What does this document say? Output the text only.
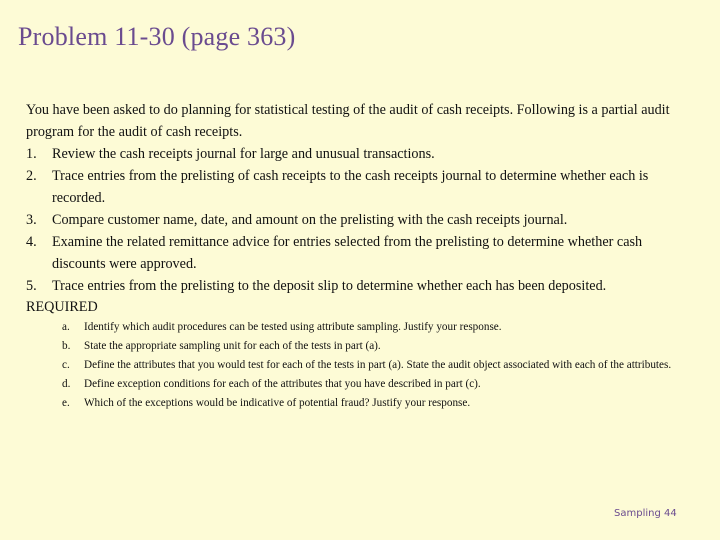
Problem 11-30 (page 363)
You have been asked to do planning for statistical testing of the audit of cash receipts. Following is a partial audit program for the audit of cash receipts.
1. Review the cash receipts journal for large and unusual transactions.
2. Trace entries from the prelisting of cash receipts to the cash receipts journal to determine whether each is recorded.
3. Compare customer name, date, and amount on the prelisting with the cash receipts journal.
4. Examine the related remittance advice for entries selected from the prelisting to determine whether cash discounts were approved.
5. Trace entries from the prelisting to the deposit slip to determine whether each has been deposited.
REQUIRED
a. Identify which audit procedures can be tested using attribute sampling. Justify your response.
b. State the appropriate sampling unit for each of the tests in part (a).
c. Define the attributes that you would test for each of the tests in part (a). State the audit object associated with each of the attributes.
d. Define exception conditions for each of the attributes that you have described in part (c).
e. Which of the exceptions would be indicative of potential fraud? Justify your response.
Sampling 44
